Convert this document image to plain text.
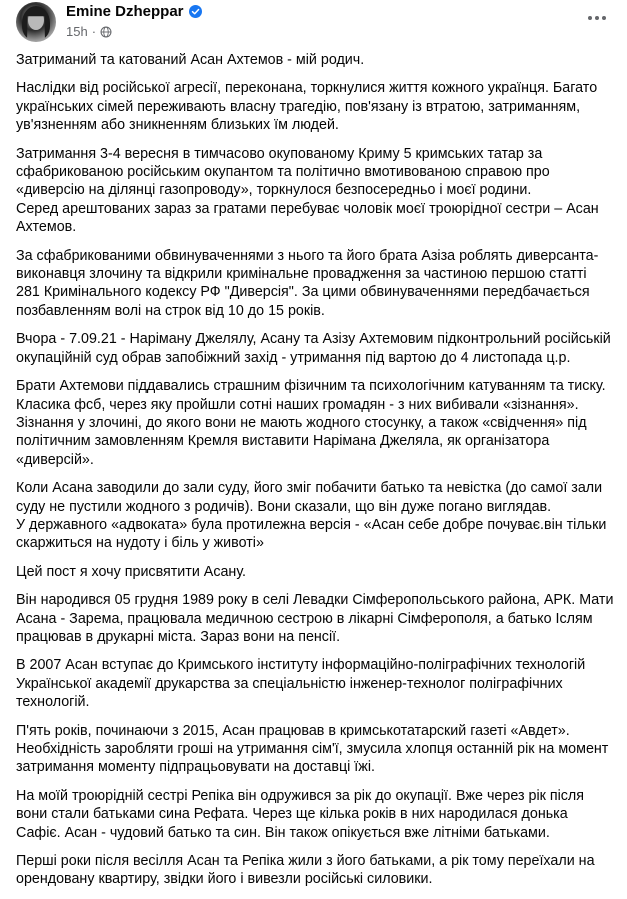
Emine Dzheppar
15h ·

Затриманий та катований Асан Ахтемов - мій родич.

Наслідки від російської агресії, переконана, торкнулися життя кожного українця. Багато українських сімей переживають власну трагедію, пов'язану із втратою, затриманням, ув'язненням або зникненням близьких їм людей.

Затримання 3-4 вересня в тимчасово окупованому Криму 5 кримських татар за сфабрикованою російським окупантом та політично вмотивованою справою про «диверсію на ділянці газопроводу», торкнулося безпосередньо і моєї родини.
Серед арештованих зараз за гратами перебуває чоловік моєї троюрідної сестри – Асан Ахтемов.

За сфабрикованими обвинуваченнями з нього та його брата Азіза роблять диверсанта-виконавця злочину та відкрили кримінальне провадження за частиною першою статті 281 Кримінального кодексу РФ "Диверсія". За цими обвинуваченнями передбачається позбавленням волі на строк від 10 до 15 років.

Вчора - 7.09.21 - Наріману Джелялу, Асану та Азізу Ахтемовим підконтрольний російській окупаційній суд обрав запобіжний захід - утримання під вартою до 4 листопада ц.р.

Брати Ахтемови піддавались страшним фізичним та психологічним катуванням та тиску. Класика фсб, через яку пройшли сотні наших громадян - з них вибивали «зізнання». Зізнання у злочині, до якого вони не мають жодного стосунку, а також «свідчення» під політичним замовленням Кремля виставити Нарімана Джеляла, як організатора «диверсій».

Коли Асана заводили до зали суду, його зміг побачити батько та невістка (до самої зали суду не пустили жодного з родичів). Вони сказали, що він дуже погано виглядав.
У державного «адвоката» була протилежна версія - «Асан себе добре почуває.він тільки скаржиться на нудоту і біль у животі»

Цей пост я хочу присвятити Асану.

Він народився 05 грудня 1989 року в селі Левадки Сімферопольського района, АРК. Мати Асана - Зарема, працювала медичною сестрою в лікарні Сімферополя, а батько Іслям працював в друкарні міста. Зараз вони на пенсії.

В 2007 Асан вступає до Кримського інституту інформаційно-поліграфічних технологій Української академії друкарства за спеціальністю інженер-технолог поліграфічних технологій.

П'ять років, починаючи з 2015, Асан працював в кримськотатарский газеті «Авдет». Необхідність заробляти гроші на утримання сім'ї, змусила хлопця останній рік на момент затримання моменту підпрацьовувати на доставці їжі.

На моїй троюрідній сестрі Репіка він одружився за рік до окупації. Вже через рік після вони стали батьками сина Рефата. Через ще кілька років в них народилася донька Сафіє. Асан - чудовий батько та син. Він також опікується вже літніми батьками.

Перші роки після весілля Асан та Репіка жили з його батьками, а рік тому переїхали на орендовану квартиру, звідки його і вивезли російські силовики.
